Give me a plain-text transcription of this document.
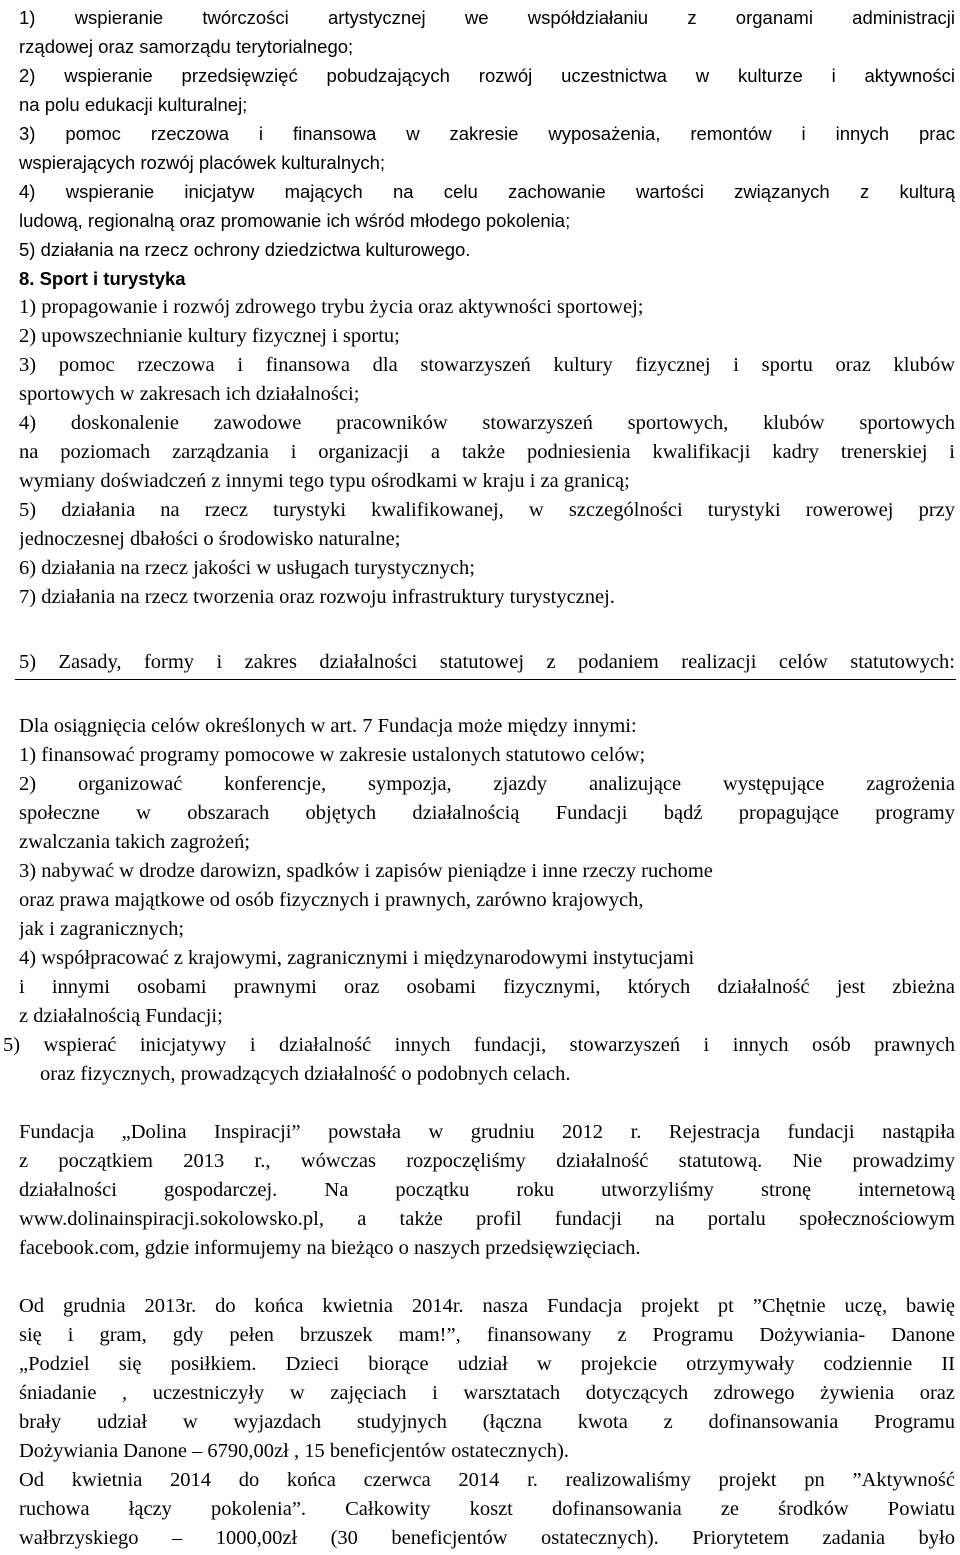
1) wspieranie twórczości artystycznej we współdziałaniu z organami administracji
rządowej oraz samorządu terytorialnego;
2) wspieranie przedsięwzięć pobudzających rozwój uczestnictwa w kulturze i aktywności
na polu edukacji kulturalnej;
3) pomoc rzeczowa i finansowa w zakresie wyposażenia, remontów i innych prac
wspierających rozwój placówek kulturalnych;
4) wspieranie inicjatyw mających na celu zachowanie wartości związanych z kulturą
ludową, regionalną oraz promowanie ich wśród młodego pokolenia;
5) działania na rzecz ochrony dziedzictwa kulturowego.
8. Sport i turystyka
1) propagowanie i rozwój zdrowego trybu życia oraz aktywności sportowej;
2) upowszechnianie kultury fizycznej i sportu;
3) pomoc rzeczowa i finansowa dla stowarzyszeń kultury fizycznej i sportu oraz klubów
sportowych w zakresach ich działalności;
4) doskonalenie zawodowe pracowników stowarzyszeń sportowych, klubów sportowych
na poziomach zarządzania i organizacji a także podniesienia kwalifikacji kadry trenerskiej i
wymiany doświadczeń z innymi tego typu ośrodkami w kraju i za granicą;
5) działania na rzecz turystyki kwalifikowanej, w szczególności turystyki rowerowej przy
jednoczesnej dbałości o środowisko naturalne;
6) działania na rzecz jakości w usługach turystycznych;
7) działania na rzecz tworzenia oraz rozwoju infrastruktury turystycznej.
5) Zasady, formy i zakres działalności statutowej z podaniem realizacji celów statutowych:
Dla osiągnięcia celów określonych w art. 7 Fundacja może między innymi:
1) finansować programy pomocowe w zakresie ustalonych statutowo celów;
2) organizować konferencje, sympozja, zjazdy analizujące występujące zagrożenia
społeczne w obszarach objętych działalnością Fundacji bądź propagujące programy
zwalczania takich zagrożeń;
3) nabywać w drodze darowizn, spadków i zapisów pieniądze i inne rzeczy ruchome
oraz prawa majątkowe od osób fizycznych i prawnych, zarówno krajowych,
jak i zagranicznych;
4) współpracować z krajowymi, zagranicznymi i międzynarodowymi instytucjami
i innymi osobami prawnymi oraz osobami fizycznymi, których działalność jest zbieżna
z działalnością Fundacji;
5) wspierać inicjatywy i działalność innych fundacji, stowarzyszeń i innych osób prawnych
oraz fizycznych, prowadzących działalność o podobnych celach.
Fundacja „Dolina Inspiracji” powstała w grudniu 2012 r. Rejestracja fundacji nastąpiła
z początkiem 2013 r., wówczas rozpoczęliśmy działalność statutową. Nie prowadzimy
działalności gospodarczej. Na początku roku utworzyliśmy stronę internetową
www.dolinainspiracji.sokolowsko.pl, a także profil fundacji na portalu społecznościowym
facebook.com, gdzie informujemy na bieżąco o naszych przedsięwzięciach.
Od grudnia 2013r. do końca kwietnia 2014r. nasza Fundacja projekt pt ”Chętnie uczę, bawię
się i gram, gdy pełen brzuszek mam!”, finansowany z Programu Dożywiania- Danone
„Podziel się posiłkiem. Dzieci biorące udział w projekcie otrzymywały codziennie II
śniadanie , uczestniczyły w zajęciach i warsztatach dotyczących zdrowego żywienia oraz
brały udział w wyjazdach studyjnych (łączna kwota z dofinansowania Programu
Dożywiania Danone – 6790,00zł , 15 beneficjentów ostatecznych).
Od kwietnia 2014 do końca czerwca 2014 r. realizowaliśmy projekt pn ”Aktywność
ruchowa łączy pokolenia”. Całkowity koszt dofinansowania ze środków Powiatu
wałbrzyskiego – 1000,00zł (30 beneficjentów ostatecznych). Priorytetem zadania było
